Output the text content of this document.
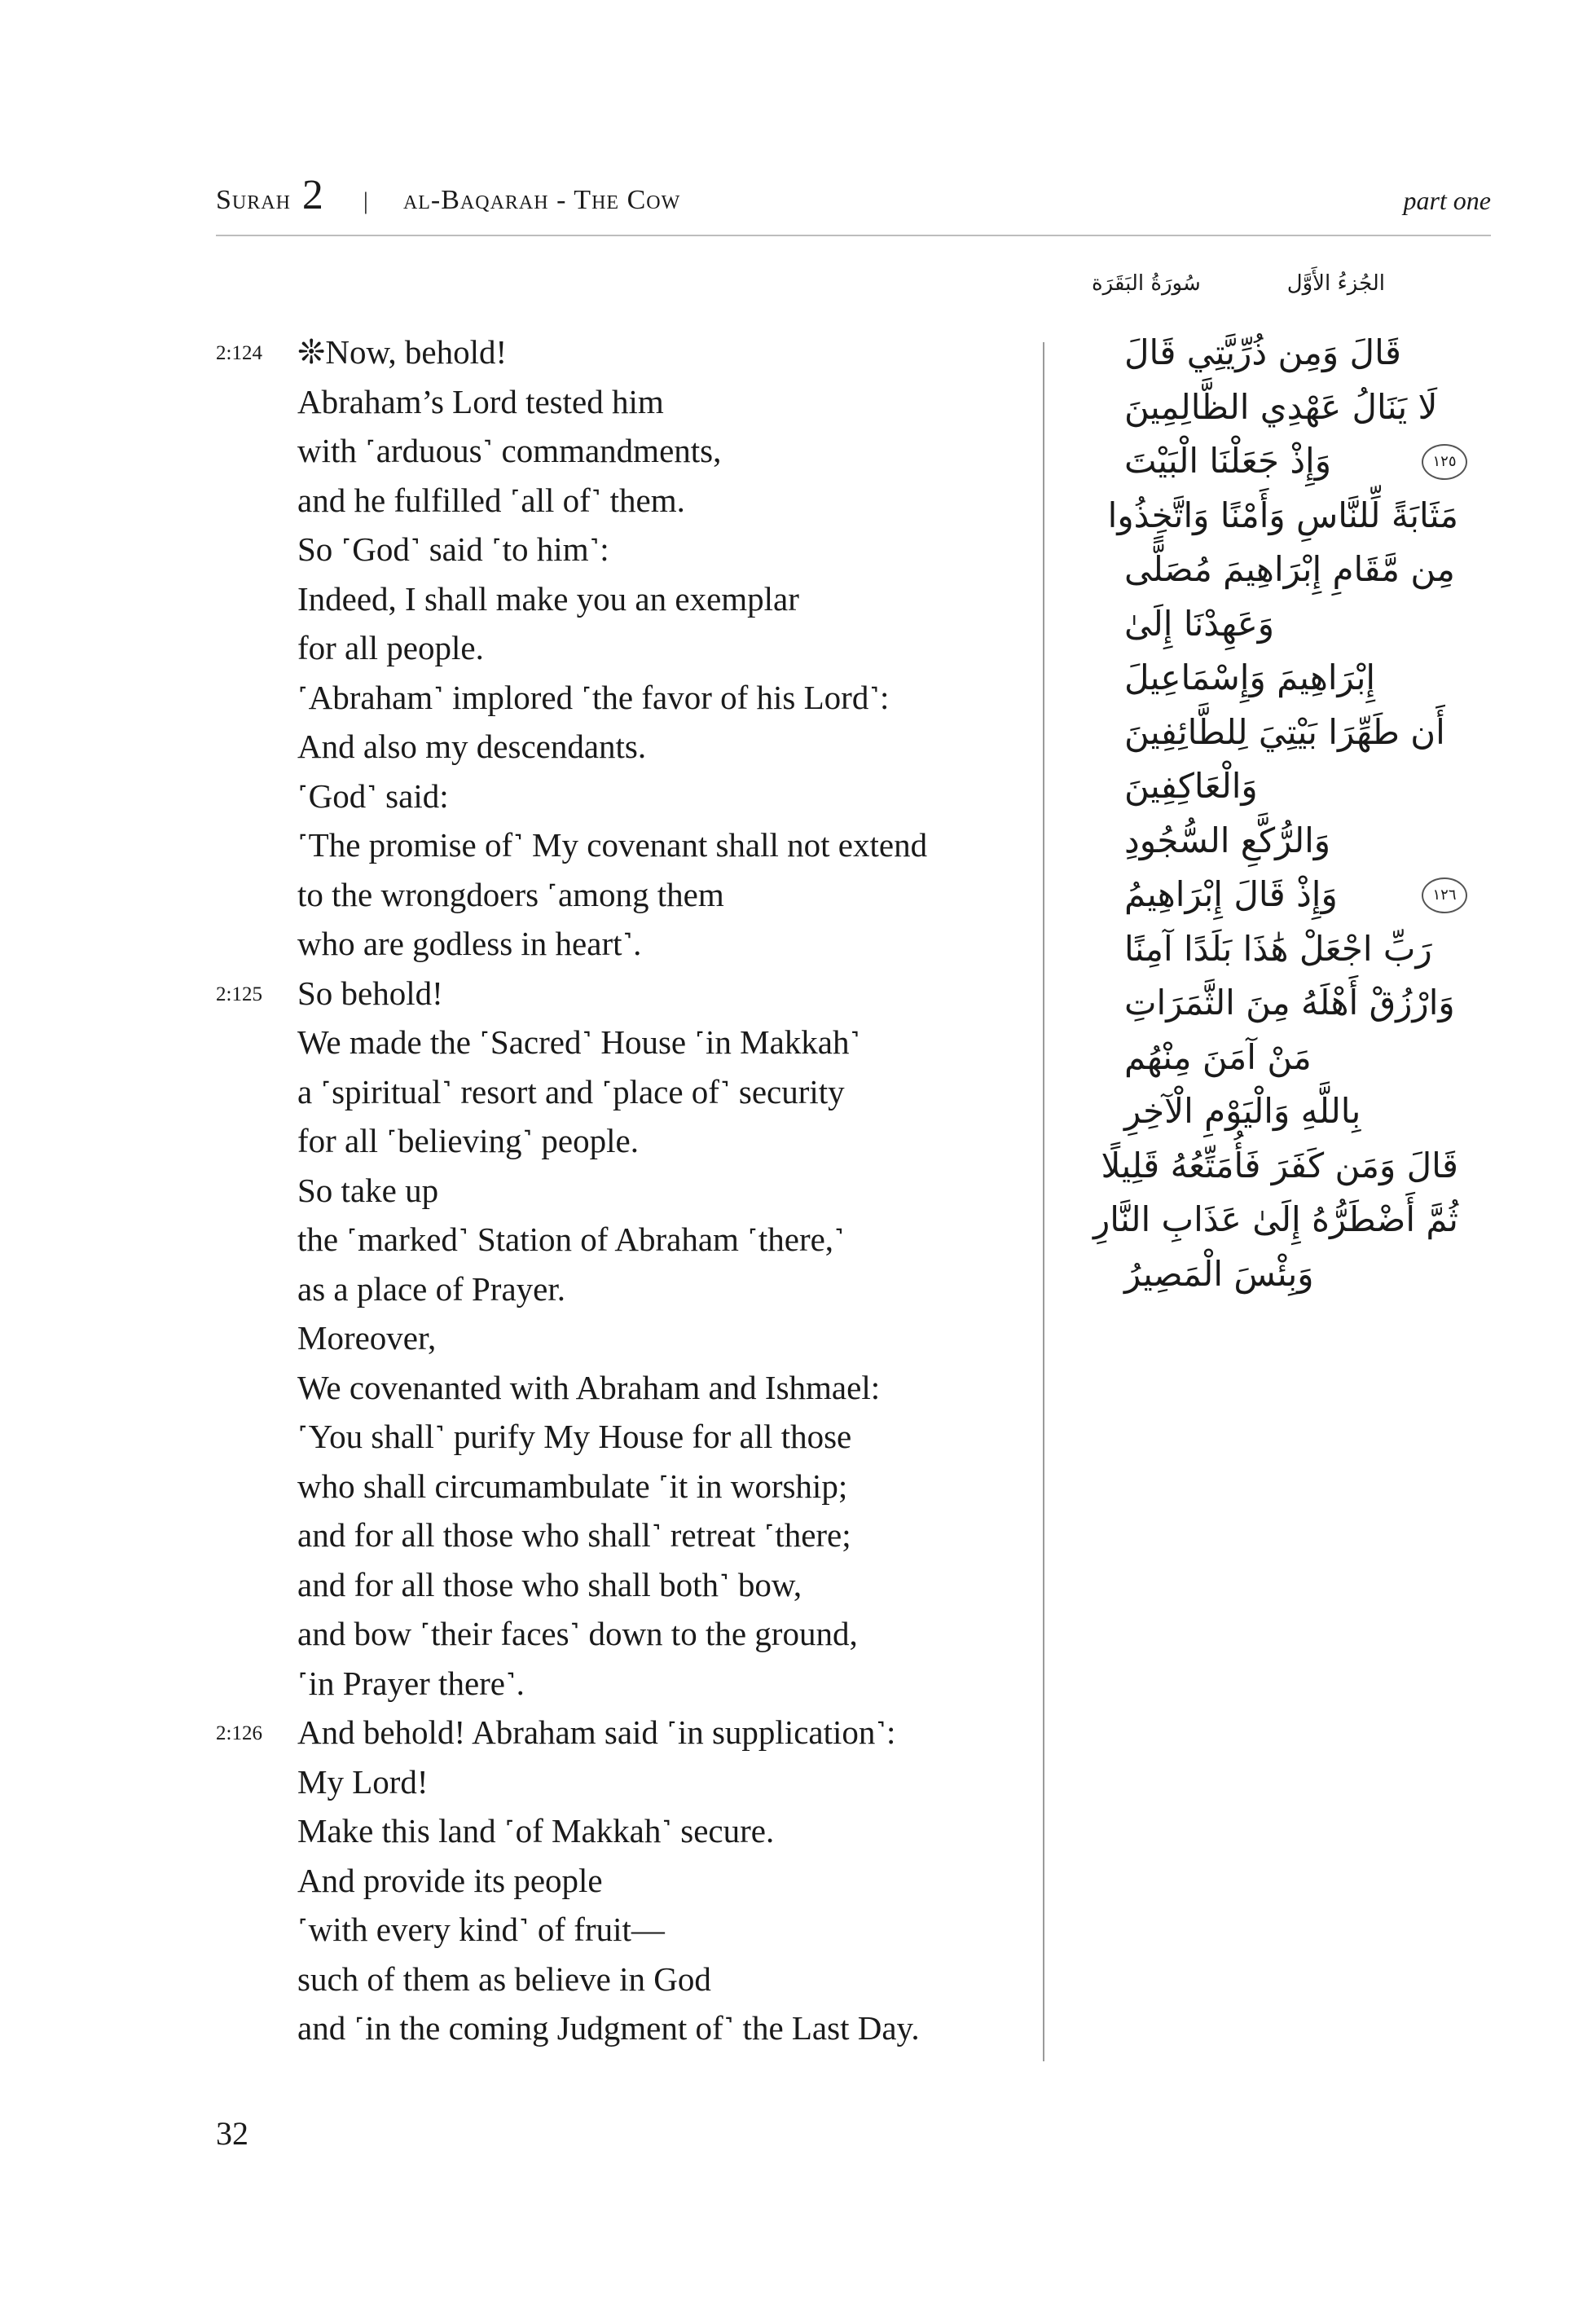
Surah 2 | al-Baqarah - The Cow	part one
الجُزءُ الأَوَّل
سُورَةُ البَقَرَة
2:124	❊Now, behold!
Abraham’s Lord tested him
with ˹arduous˺ commandments,
and he fulfilled ˹all of˺ them.
So ˹God˺ said ˹to him˺:
Indeed, I shall make you an exemplar
for all people.
˹Abraham˺ implored ˹the favor of his Lord˺:
And also my descendants.
˹God˺ said:
˹The promise of˺ My covenant shall not extend
to the wrongdoers ˹among them
who are godless in heart˺.
2:125	So behold!
We made the ˹Sacred˺ House ˹in Makkah˺
a ˹spiritual˺ resort and ˹place of˺ security
for all ˹believing˺ people.
So take up
the ˹marked˺ Station of Abraham ˹there,˺
as a place of Prayer.
Moreover,
We covenanted with Abraham and Ishmael:
˹You shall˺ purify My House for all those
who shall circumambulate ˹it in worship;
and for all those who shall˺ retreat ˹there;
and for all those who shall both˺ bow,
and bow ˹their faces˺ down to the ground,
˹in Prayer there˺.
2:126	And behold! Abraham said ˹in supplication˺:
My Lord!
Make this land ˹of Makkah˺ secure.
And provide its people
˹with every kind˺ of fruit—
such of them as believe in God
and ˹in the coming Judgment of˺ the Last Day.
قَالَ وَمِن ذُرِّيَّتِي قَالَ
لَا يَنَالُ عَهْدِي الظَّالِمِينَ
وَإِذْ جَعَلْنَا الْبَيْتَ	١٢٥
مَثَابَةً لِّلنَّاسِ وَأَمْنًا وَاتَّخِذُوا
مِن مَّقَامِ إِبْرَاهِيمَ مُصَلًّى
وَعَهِدْنَا إِلَىٰ
إِبْرَاهِيمَ وَإِسْمَاعِيلَ
أَن طَهِّرَا بَيْتِيَ لِلطَّائِفِينَ
وَالْعَاكِفِينَ
وَالرُّكَّعِ السُّجُودِ
وَإِذْ قَالَ إِبْرَاهِيمُ	١٢٦
رَبِّ اجْعَلْ هَٰذَا بَلَدًا آمِنًا
وَارْزُقْ أَهْلَهُ مِنَ الثَّمَرَاتِ
مَنْ آمَنَ مِنْهُم
بِاللَّهِ وَالْيَوْمِ الْآخِرِ
قَالَ وَمَن كَفَرَ فَأُمَتِّعُهُ قَلِيلًا
ثُمَّ أَضْطَرُّهُ إِلَىٰ عَذَابِ النَّارِ
وَبِئْسَ الْمَصِيرُ
32
